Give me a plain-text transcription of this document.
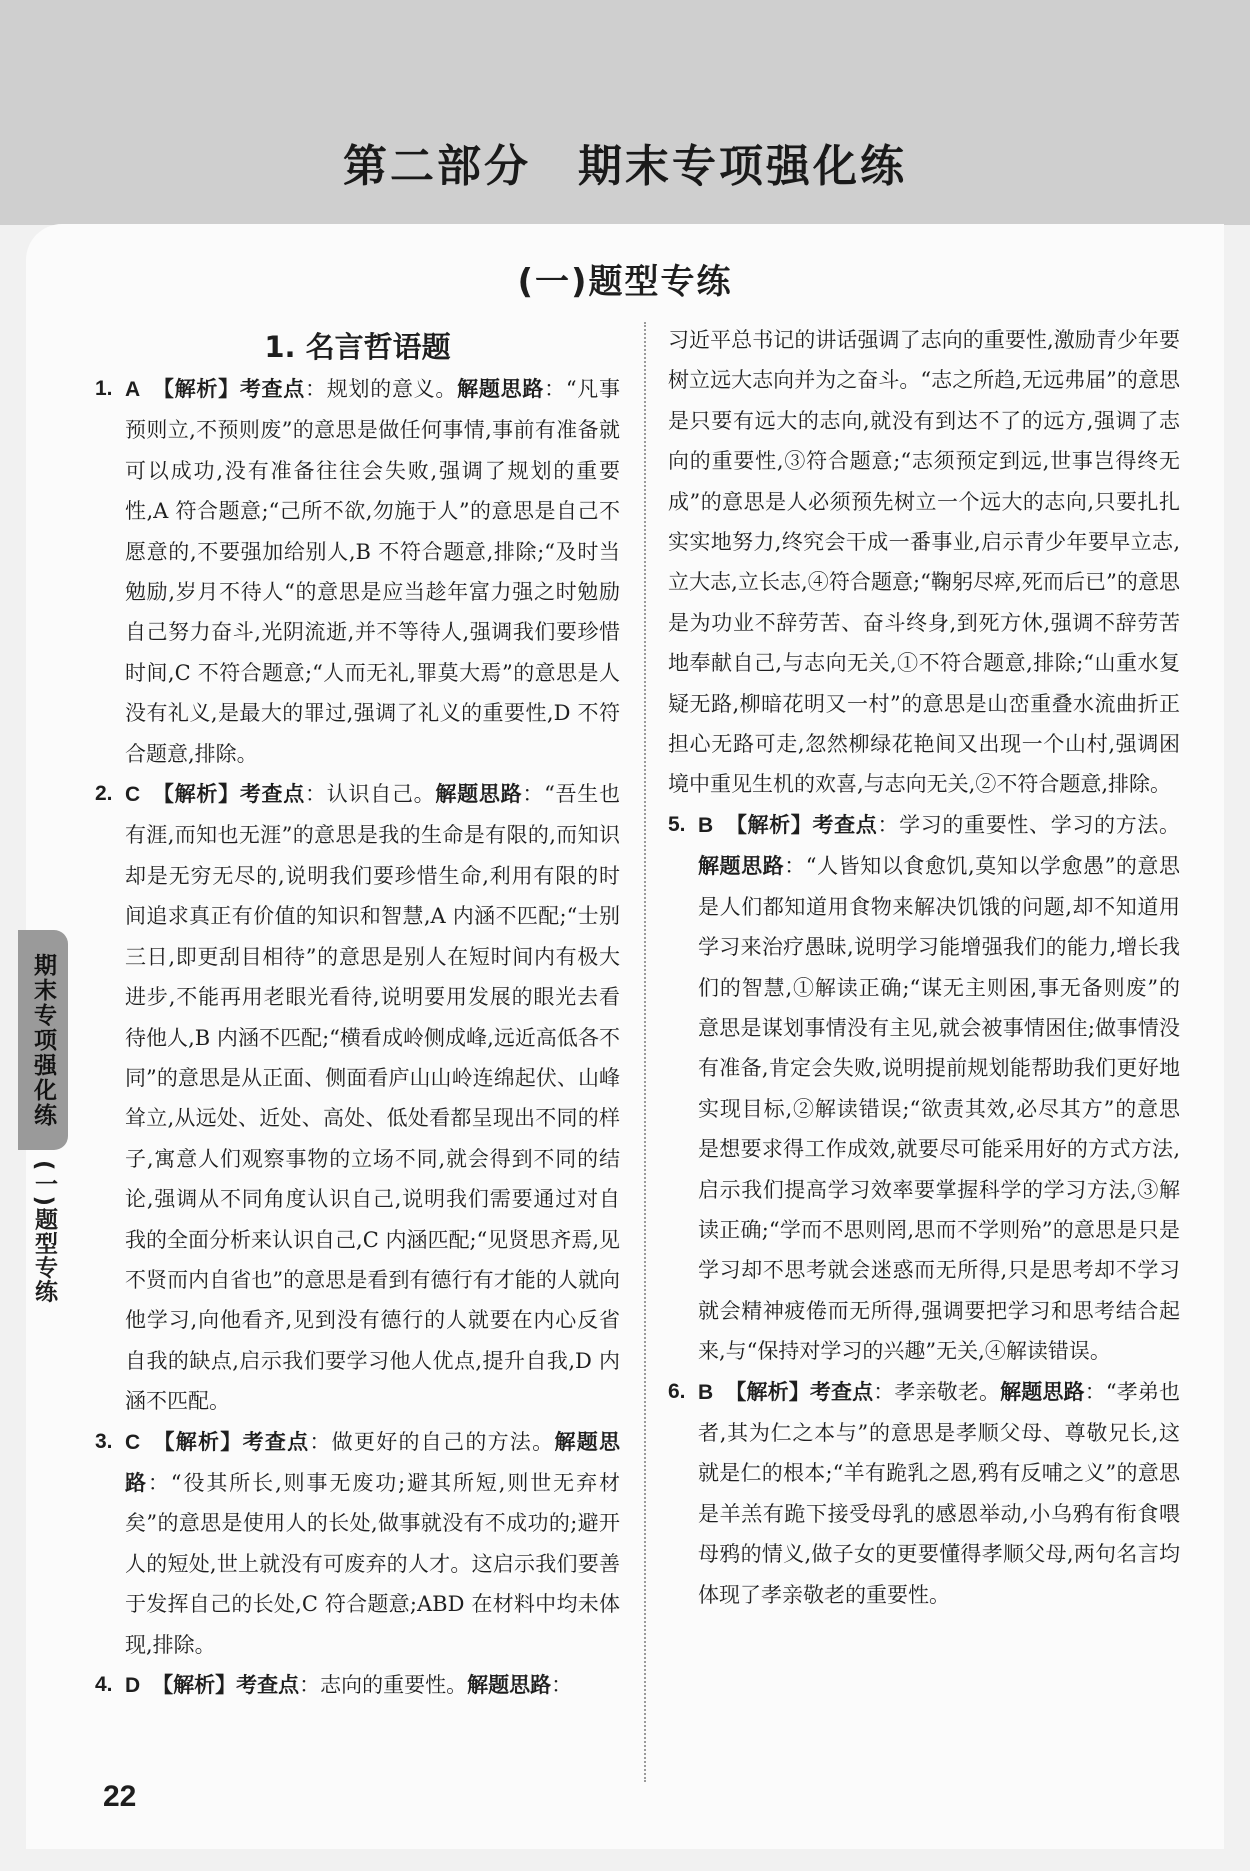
第二部分　期末专项强化练
(一)题型专练
1. 名言哲语题
1. A 【解析】考查点：规划的意义。解题思路：“凡事预则立,不预则废”的意思是做任何事情,事前有准备就可以成功,没有准备往往会失败,强调了规划的重要性,A 符合题意;“己所不欲,勿施于人”的意思是自己不愿意的,不要强加给别人,B 不符合题意,排除;“及时当勉励,岁月不待人“的意思是应当趁年富力强之时勉励自己努力奋斗,光阴流逝,并不等待人,强调我们要珍惜时间,C 不符合题意;“人而无礼,罪莫大焉”的意思是人没有礼义,是最大的罪过,强调了礼义的重要性,D 不符合题意,排除。
2. C 【解析】考查点：认识自己。解题思路：“吾生也有涯,而知也无涯”的意思是我的生命是有限的,而知识却是无穷无尽的,说明我们要珍惜生命,利用有限的时间追求真正有价值的知识和智慧,A 内涵不匹配;“士别三日,即更刮目相待”的意思是别人在短时间内有极大进步,不能再用老眼光看待,说明要用发展的眼光去看待他人,B 内涵不匹配;“横看成岭侧成峰,远近高低各不同”的意思是从正面、侧面看庐山山岭连绵起伏、山峰耸立,从远处、近处、高处、低处看都呈现出不同的样子,寓意人们观察事物的立场不同,就会得到不同的结论,强调从不同角度认识自己,说明我们需要通过对自我的全面分析来认识自己,C 内涵匹配;“见贤思齐焉,见不贤而内自省也”的意思是看到有德行有才能的人就向他学习,向他看齐,见到没有德行的人就要在内心反省自我的缺点,启示我们要学习他人优点,提升自我,D 内涵不匹配。
3. C 【解析】考查点：做更好的自己的方法。解题思路：“役其所长,则事无废功;避其所短,则世无弃材矣”的意思是使用人的长处,做事就没有不成功的;避开人的短处,世上就没有可废弃的人才。这启示我们要善于发挥自己的长处,C 符合题意;ABD 在材料中均未体现,排除。
4. D 【解析】考查点：志向的重要性。解题思路：

习近平总书记的讲话强调了志向的重要性,激励青少年要树立远大志向并为之奋斗。“志之所趋,无远弗届”的意思是只要有远大的志向,就没有到达不了的远方,强调了志向的重要性,③符合题意;“志须预定到远,世事岂得终无成”的意思是人必须预先树立一个远大的志向,只要扎扎实实地努力,终究会干成一番事业,启示青少年要早立志,立大志,立长志,④符合题意;“鞠躬尽瘁,死而后已”的意思是为功业不辞劳苦、奋斗终身,到死方休,强调不辞劳苦地奉献自己,与志向无关,①不符合题意,排除;“山重水复疑无路,柳暗花明又一村”的意思是山峦重叠水流曲折正担心无路可走,忽然柳绿花艳间又出现一个山村,强调困境中重见生机的欢喜,与志向无关,②不符合题意,排除。

5. B 【解析】考查点：学习的重要性、学习的方法。解题思路：“人皆知以食愈饥,莫知以学愈愚”的意思是人们都知道用食物来解决饥饿的问题,却不知道用学习来治疗愚昧,说明学习能增强我们的能力,增长我们的智慧,①解读正确;“谋无主则困,事无备则废”的意思是谋划事情没有主见,就会被事情困住;做事情没有准备,肯定会失败,说明提前规划能帮助我们更好地实现目标,②解读错误;“欲责其效,必尽其方”的意思是想要求得工作成效,就要尽可能采用好的方式方法,启示我们提高学习效率要掌握科学的学习方法,③解读正确;“学而不思则罔,思而不学则殆”的意思是只是学习却不思考就会迷惑而无所得,只是思考却不学习就会精神疲倦而无所得,强调要把学习和思考结合起来,与“保持对学习的兴趣”无关,④解读错误。
6. B 【解析】考查点：孝亲敬老。解题思路：“孝弟也者,其为仁之本与”的意思是孝顺父母、尊敬兄长,这就是仁的根本;“羊有跪乳之恩,鸦有反哺之义”的意思是羊羔有跪下接受母乳的感恩举动,小乌鸦有衔食喂母鸦的情义,做子女的更要懂得孝顺父母,两句名言均体现了孝亲敬老的重要性。
期末专项强化练
(一)题型专练
22
